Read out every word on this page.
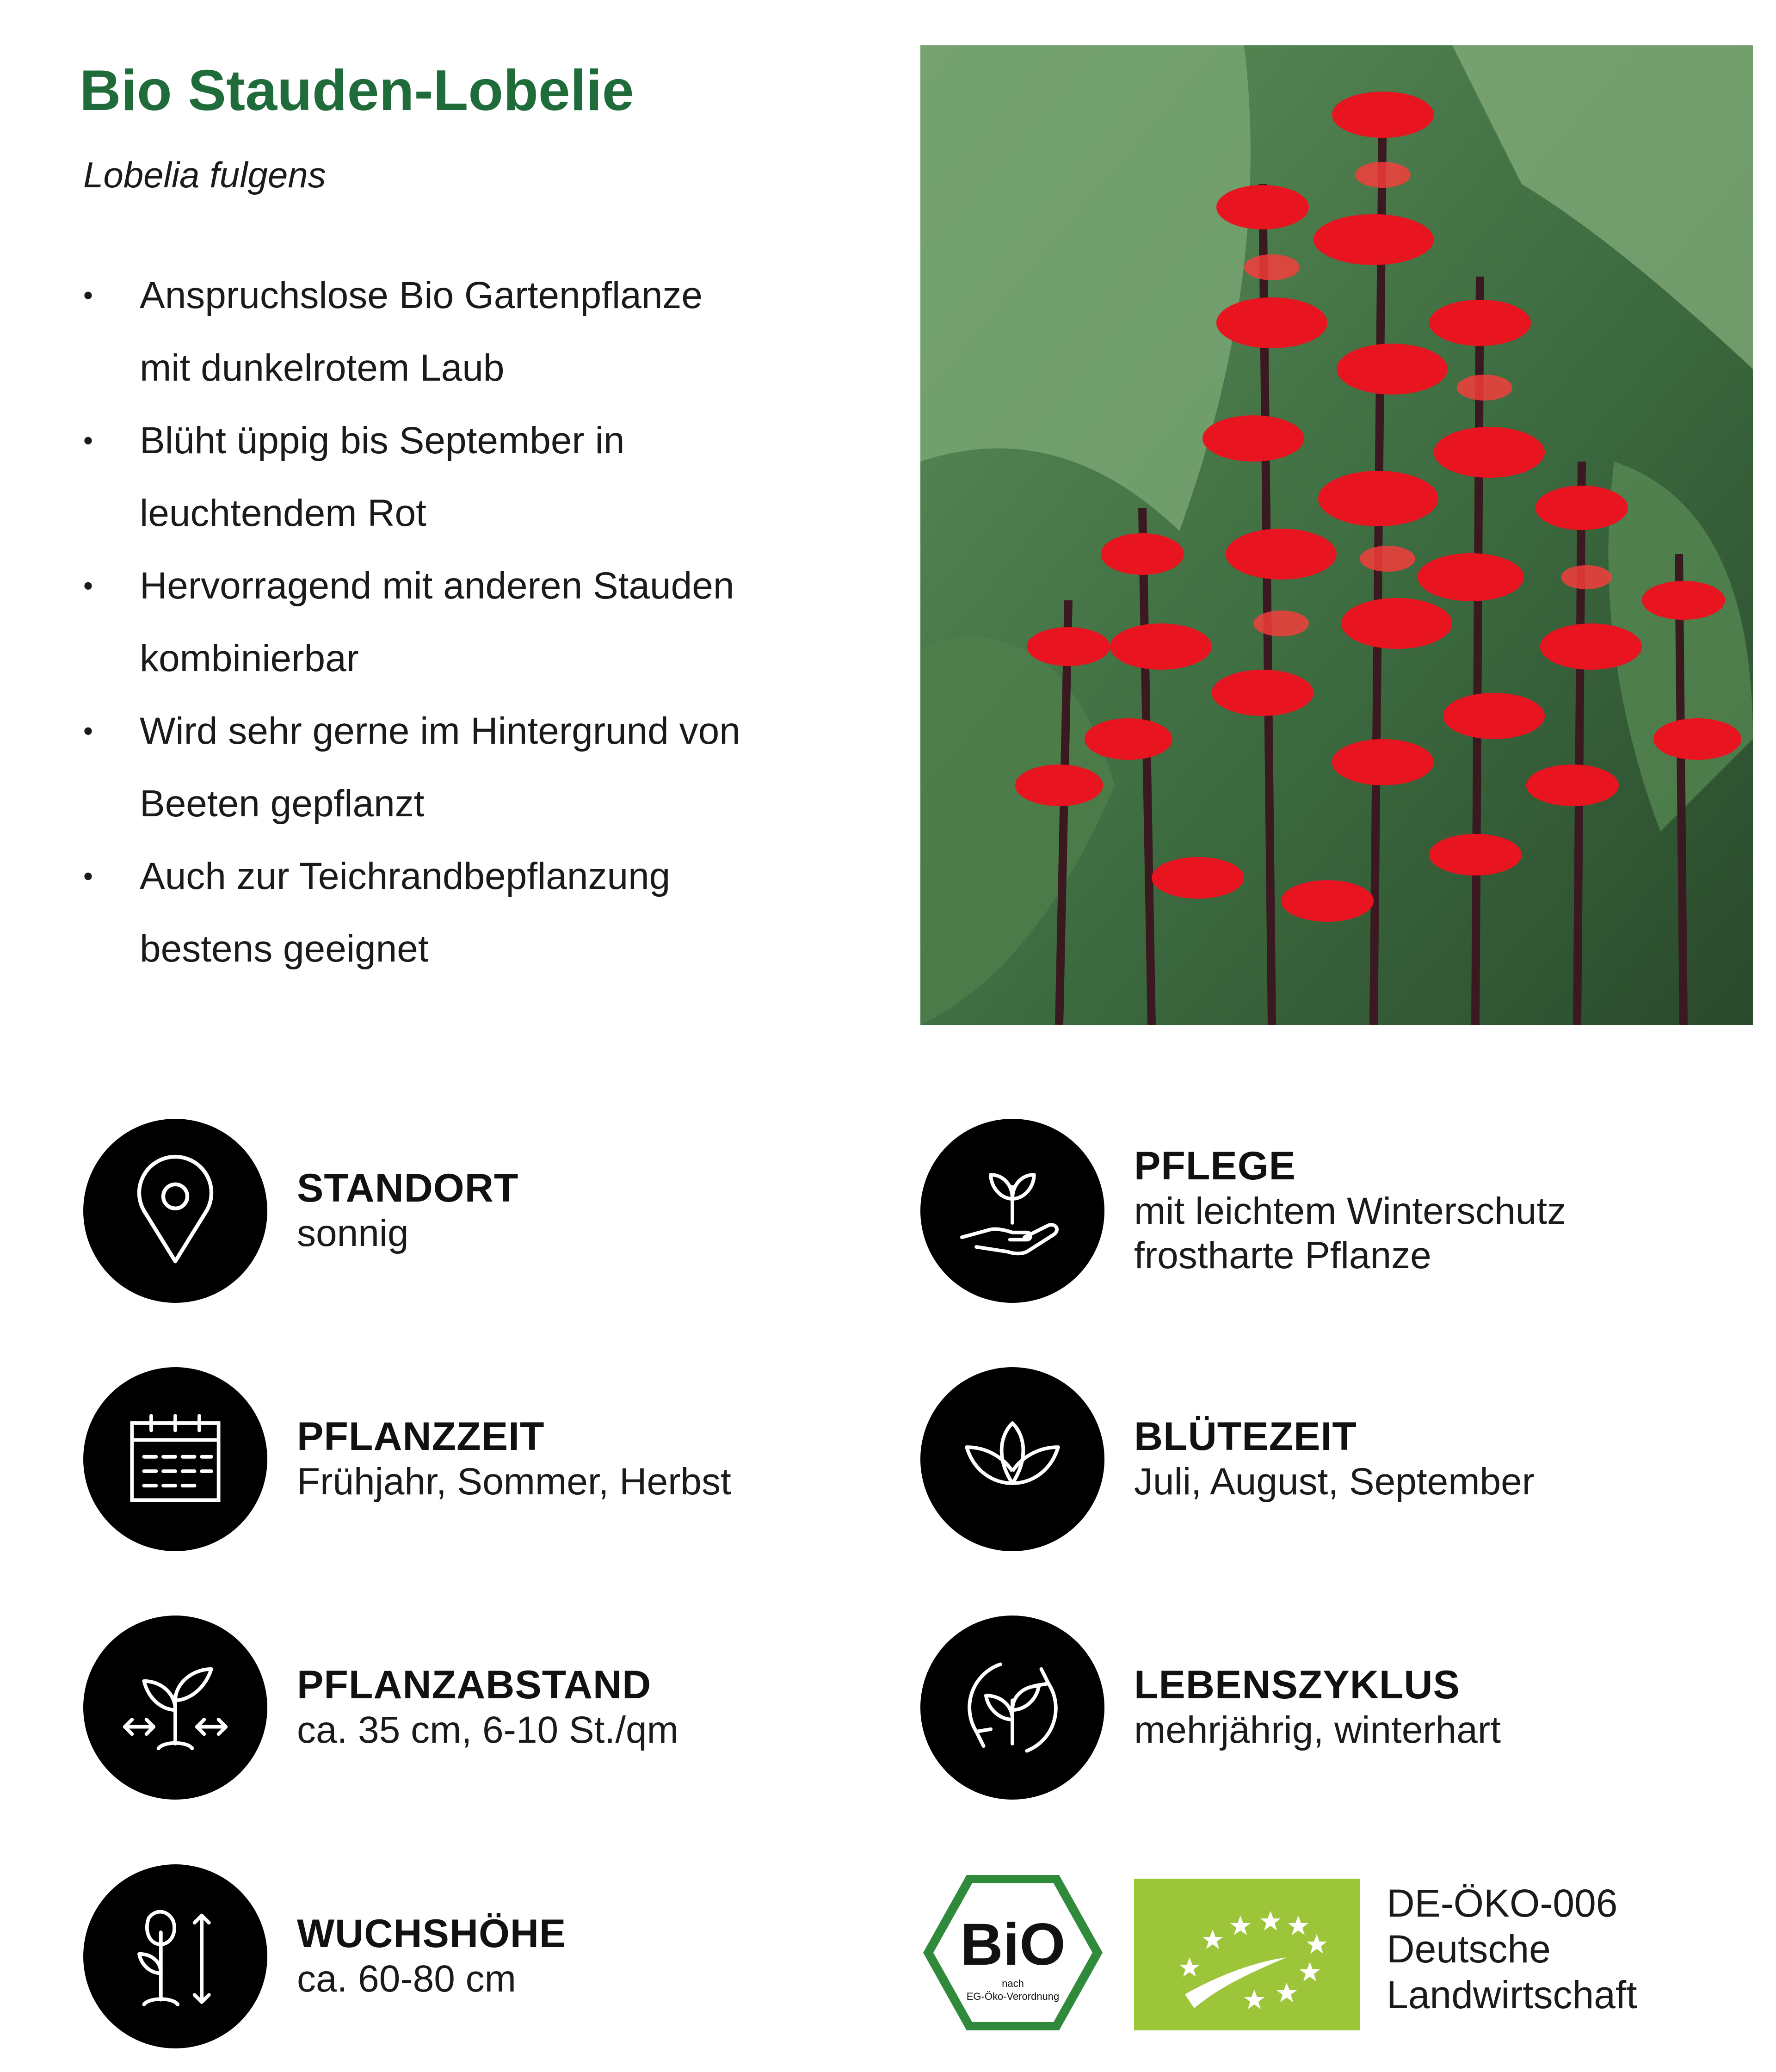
Bio Stauden-Lobelie
Lobelia fulgens
• Anspruchslose Bio Gartenpflanze
mit dunkelrotem Laub
• Blüht üppig bis September in
leuchtendem Rot
• Hervorragend mit anderen Stauden
kombinierbar
• Wird sehr gerne im Hintergrund von
Beeten gepflanzt
• Auch zur Teichrandbepflanzung
bestens geeignet
STANDORT
sonnig
PFLEGE
mit leichtem Winterschutz
frostharte Pflanze
PFLANZZEIT
Frühjahr, Sommer, Herbst
BLÜTEZEIT
Juli, August, September
PFLANZABSTAND
ca. 35 cm, 6-10 St./qm
LEBENSZYKLUS
mehrjährig, winterhart
WUCHSHÖHE
ca. 60-80 cm
BiO
nach
EG-Öko-Verordnung
DE-ÖKO-006
Deutsche
Landwirtschaft
